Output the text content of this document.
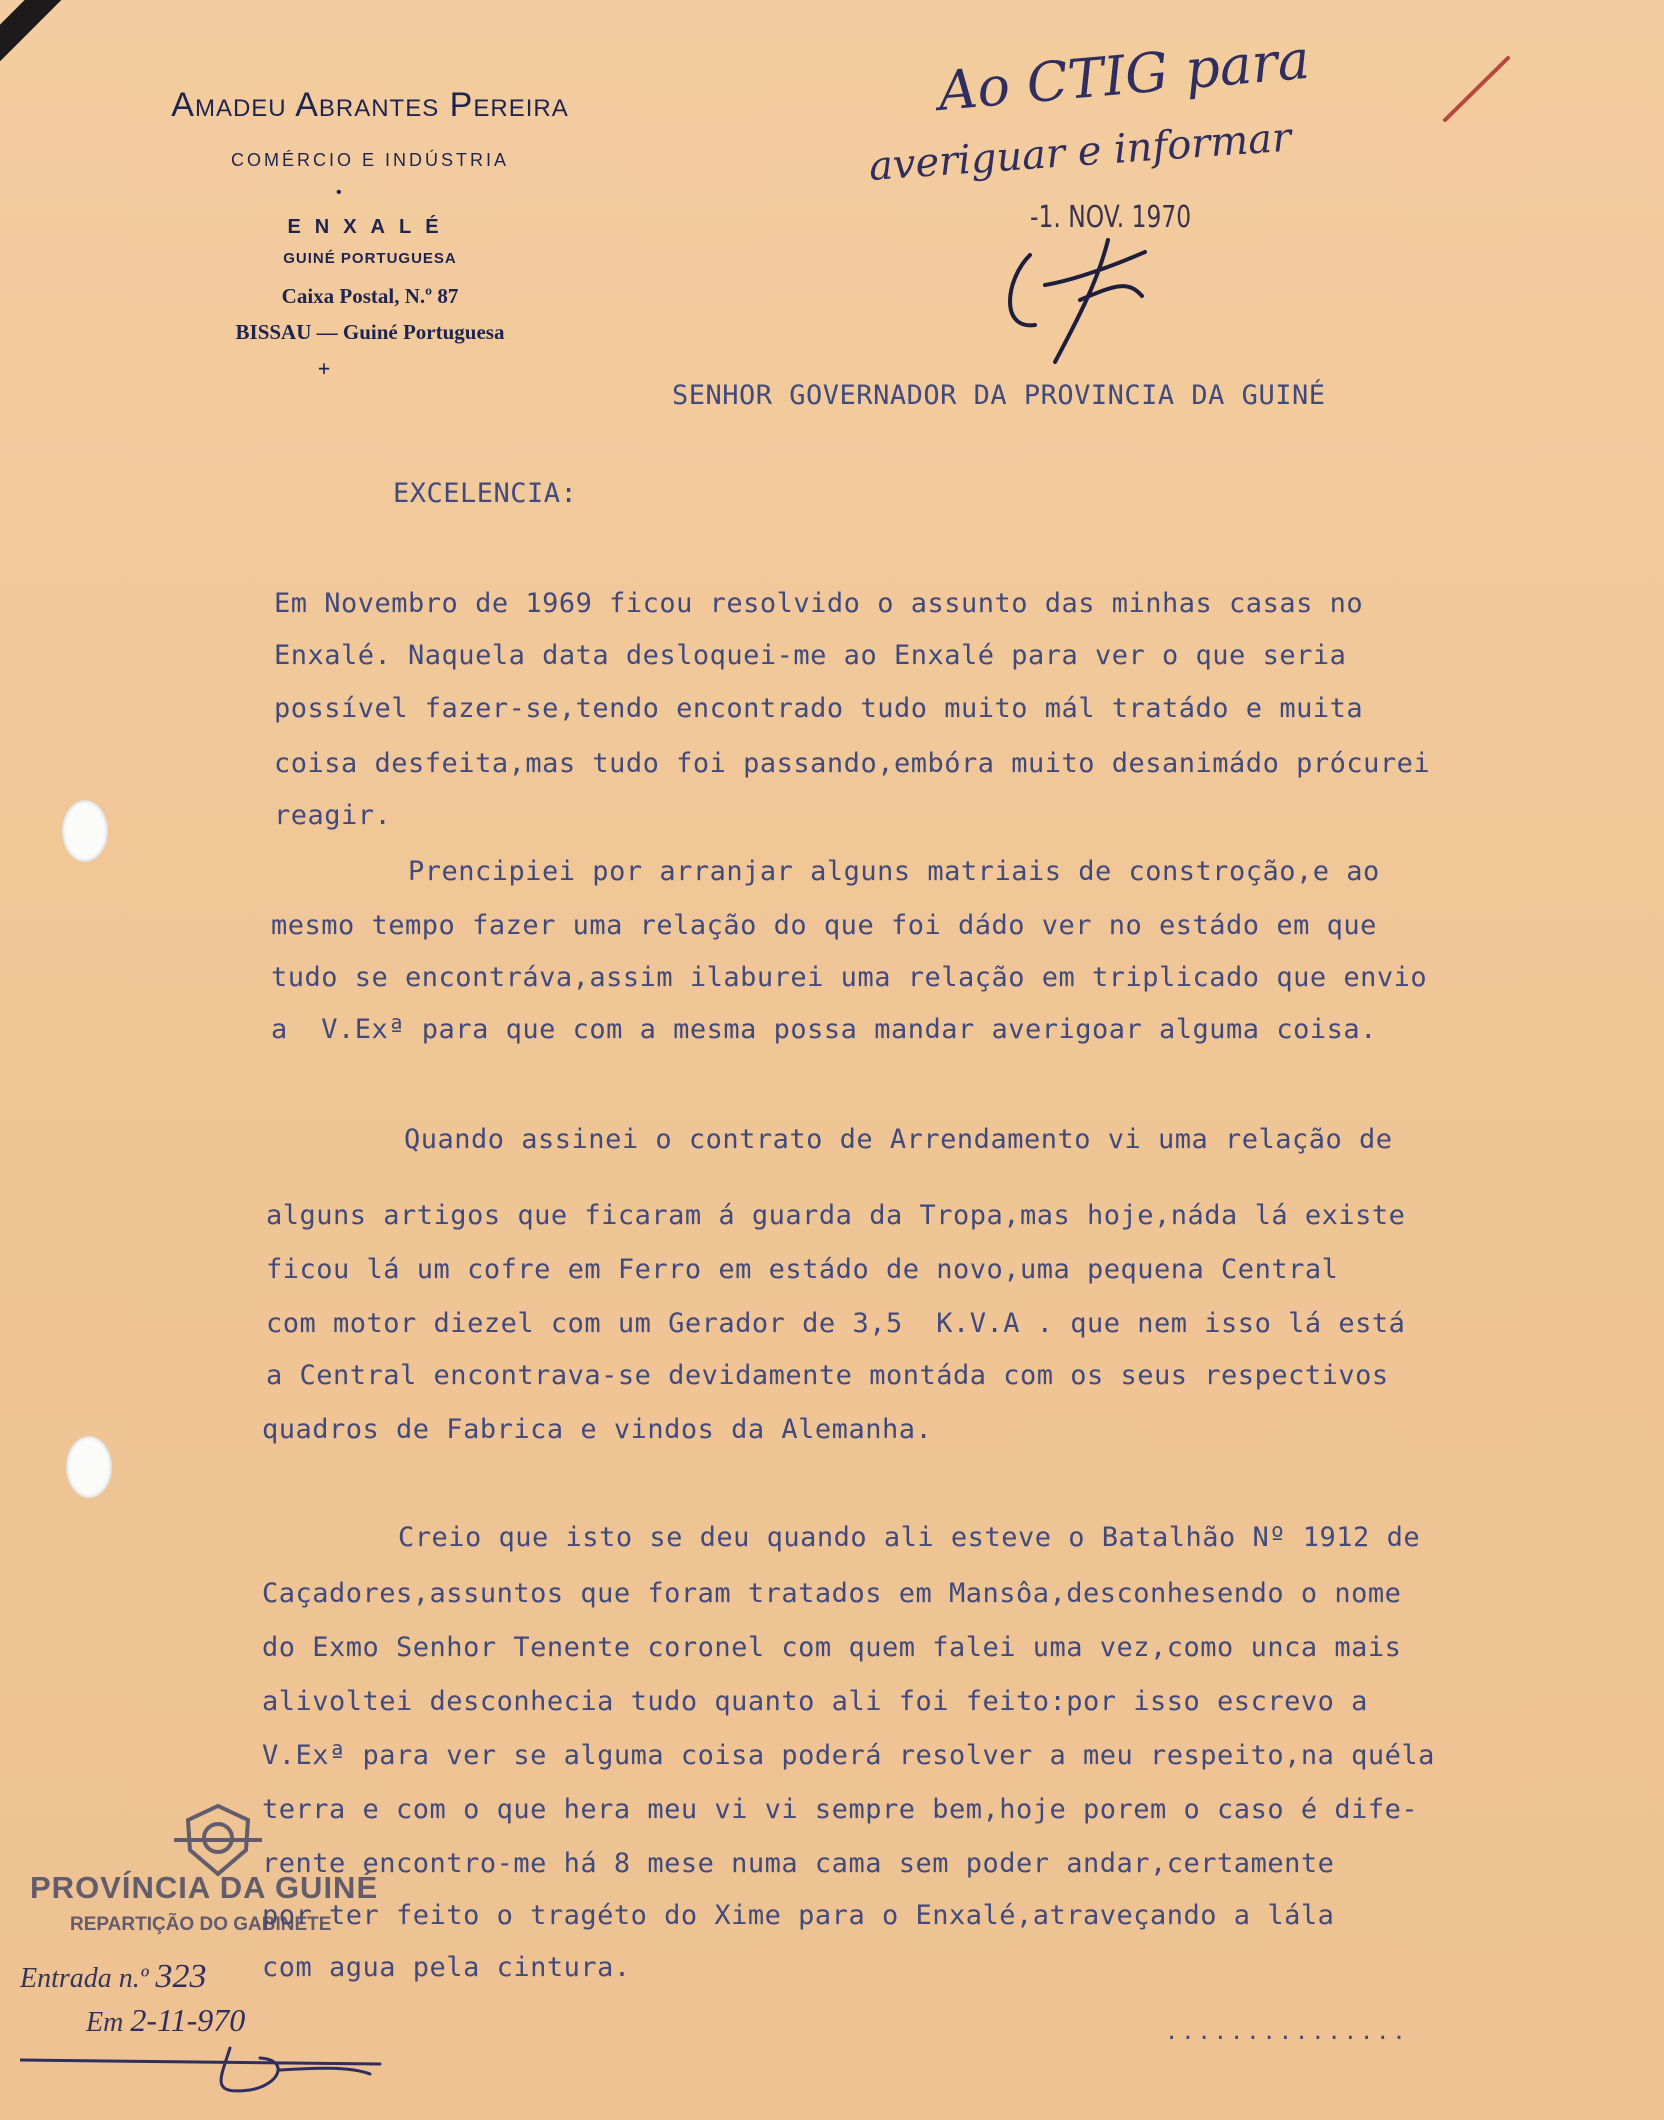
Amadeu Abrantes Pereira
COMÉRCIO E INDÚSTRIA
•
ENXALÉ
GUINÉ PORTUGUESA
Caixa Postal, N.º 87
BISSAU — Guiné Portuguesa
+
Ao CTIG para
averiguar e informar
-1. NOV. 1970
SENHOR GOVERNADOR DA PROVINCIA DA GUINÉ
EXCELENCIA:
Em Novembro de 1969 ficou resolvido o assunto das minhas casas no
Enxalé. Naquela data desloquei-me ao Enxalé para ver o que seria
possível fazer-se,tendo encontrado tudo muito mál tratádo e muita
coisa desfeita,mas tudo foi passando,embóra muito desanimádo prócurei
reagir.
Prencipiei por arranjar alguns matriais de constroção,e ao
mesmo tempo fazer uma relação do que foi dádo ver no estádo em que
tudo se encontráva,assim ilaburei uma relação em triplicado que envio
a  V.Exª para que com a mesma possa mandar averigoar alguma coisa.
Quando assinei o contrato de Arrendamento vi uma relação de
alguns artigos que ficaram á guarda da Tropa,mas hoje,náda lá existe
ficou lá um cofre em Ferro em estádo de novo,uma pequena Central
com motor diezel com um Gerador de 3,5  K.V.A . que nem isso lá está
a Central encontrava-se devidamente montáda com os seus respectivos
quadros de Fabrica e vindos da Alemanha.
Creio que isto se deu quando ali esteve o Batalhão Nº 1912 de
Caçadores,assuntos que foram tratados em Mansôa,desconhesendo o nome
do Exmo Senhor Tenente coronel com quem falei uma vez,como unca mais
alivoltei desconhecia tudo quanto ali foi feito:por isso escrevo a
V.Exª para ver se alguma coisa poderá resolver a meu respeito,na quéla
terra e com o que hera meu vi vi sempre bem,hoje porem o caso é dife-
rente encontro-me há 8 mese numa cama sem poder andar,certamente
por ter feito o tragéto do Xime para o Enxalé,atraveçando a lála
com agua pela cintura.
...............
PROVÍNCIA DA GUINÉ
REPARTIÇÃO DO GABINETE
Entrada n.º 323
Em 2-11-970
